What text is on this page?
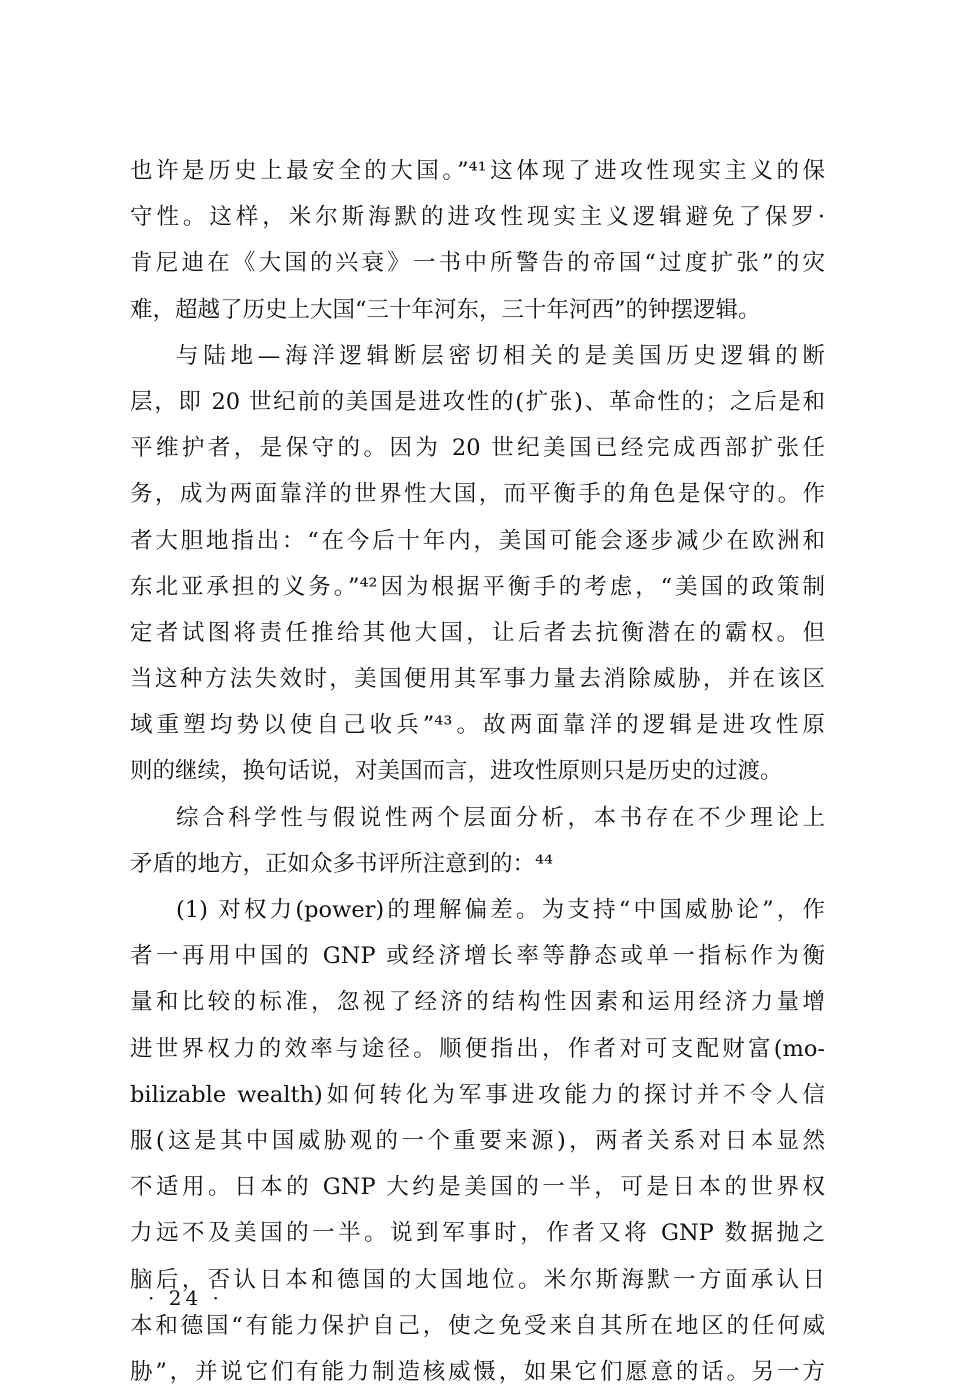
也许是历史上最安全的大国。”⁴¹这体现了进攻性现实主义的保
守性。这样，米尔斯海默的进攻性现实主义逻辑避免了保罗·
肯尼迪在《大国的兴衰》一书中所警告的帝国“过度扩张”的灾
难，超越了历史上大国“三十年河东，三十年河西”的钟摆逻辑。
与陆地—海洋逻辑断层密切相关的是美国历史逻辑的断
层，即 20 世纪前的美国是进攻性的(扩张)、革命性的；之后是和
平维护者，是保守的。因为 20 世纪美国已经完成西部扩张任
务，成为两面靠洋的世界性大国，而平衡手的角色是保守的。作
者大胆地指出：“在今后十年内，美国可能会逐步减少在欧洲和
东北亚承担的义务。”⁴²因为根据平衡手的考虑，“美国的政策制
定者试图将责任推给其他大国，让后者去抗衡潜在的霸权。但
当这种方法失效时，美国便用其军事力量去消除威胁，并在该区
域重塑均势以使自己收兵”⁴³。故两面靠洋的逻辑是进攻性原
则的继续，换句话说，对美国而言，进攻性原则只是历史的过渡。
综合科学性与假说性两个层面分析，本书存在不少理论上
矛盾的地方，正如众多书评所注意到的：⁴⁴
(1) 对权力(power)的理解偏差。为支持“中国威胁论”，作
者一再用中国的 GNP 或经济增长率等静态或单一指标作为衡
量和比较的标准，忽视了经济的结构性因素和运用经济力量增
进世界权力的效率与途径。顺便指出，作者对可支配财富(mo-
bilizable wealth)如何转化为军事进攻能力的探讨并不令人信
服(这是其中国威胁观的一个重要来源)，两者关系对日本显然
不适用。日本的 GNP 大约是美国的一半，可是日本的世界权
力远不及美国的一半。说到军事时，作者又将 GNP 数据抛之
脑后，否认日本和德国的大国地位。米尔斯海默一方面承认日
本和德国“有能力保护自己，使之免受来自其所在地区的任何威
胁”，并说它们有能力制造核威慑，如果它们愿意的话。另一方
· 24 ·
